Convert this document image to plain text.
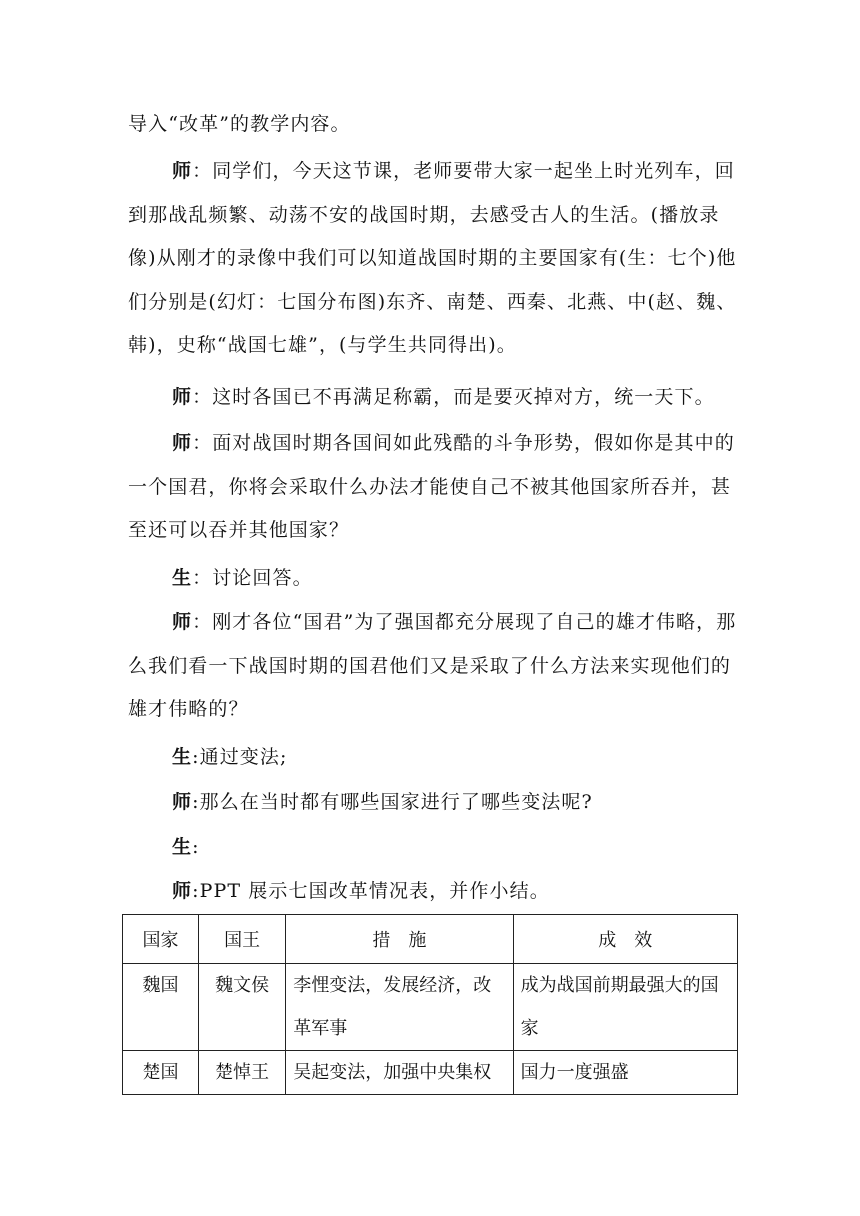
导入“改革”的教学内容。

师：同学们，今天这节课，老师要带大家一起坐上时光列车，回到那战乱频繁、动荡不安的战国时期，去感受古人的生活。(播放录像)从刚才的录像中我们可以知道战国时期的主要国家有(生：七个)他们分别是(幻灯：七国分布图)东齐、南楚、西秦、北燕、中(赵、魏、韩)，史称“战国七雄”，(与学生共同得出)。

师：这时各国已不再满足称霸，而是要灭掉对方，统一天下。

师：面对战国时期各国间如此残酷的斗争形势，假如你是其中的一个国君，你将会采取什么办法才能使自己不被其他国家所吞并，甚至还可以吞并其他国家？

生：讨论回答。

师：刚才各位“国君”为了强国都充分展现了自己的雄才伟略，那么我们看一下战国时期的国君他们又是采取了什么方法来实现他们的雄才伟略的？

生:通过变法;

师:那么在当时都有哪些国家进行了哪些变法呢?

生:

师:PPT 展示七国改革情况表，并作小结。

国家	国王	措　施	成　效
魏国	魏文侯	李悝变法，发展经济，改革军事	成为战国前期最强大的国家
楚国	楚悼王	吴起变法，加强中央集权	国力一度强盛
